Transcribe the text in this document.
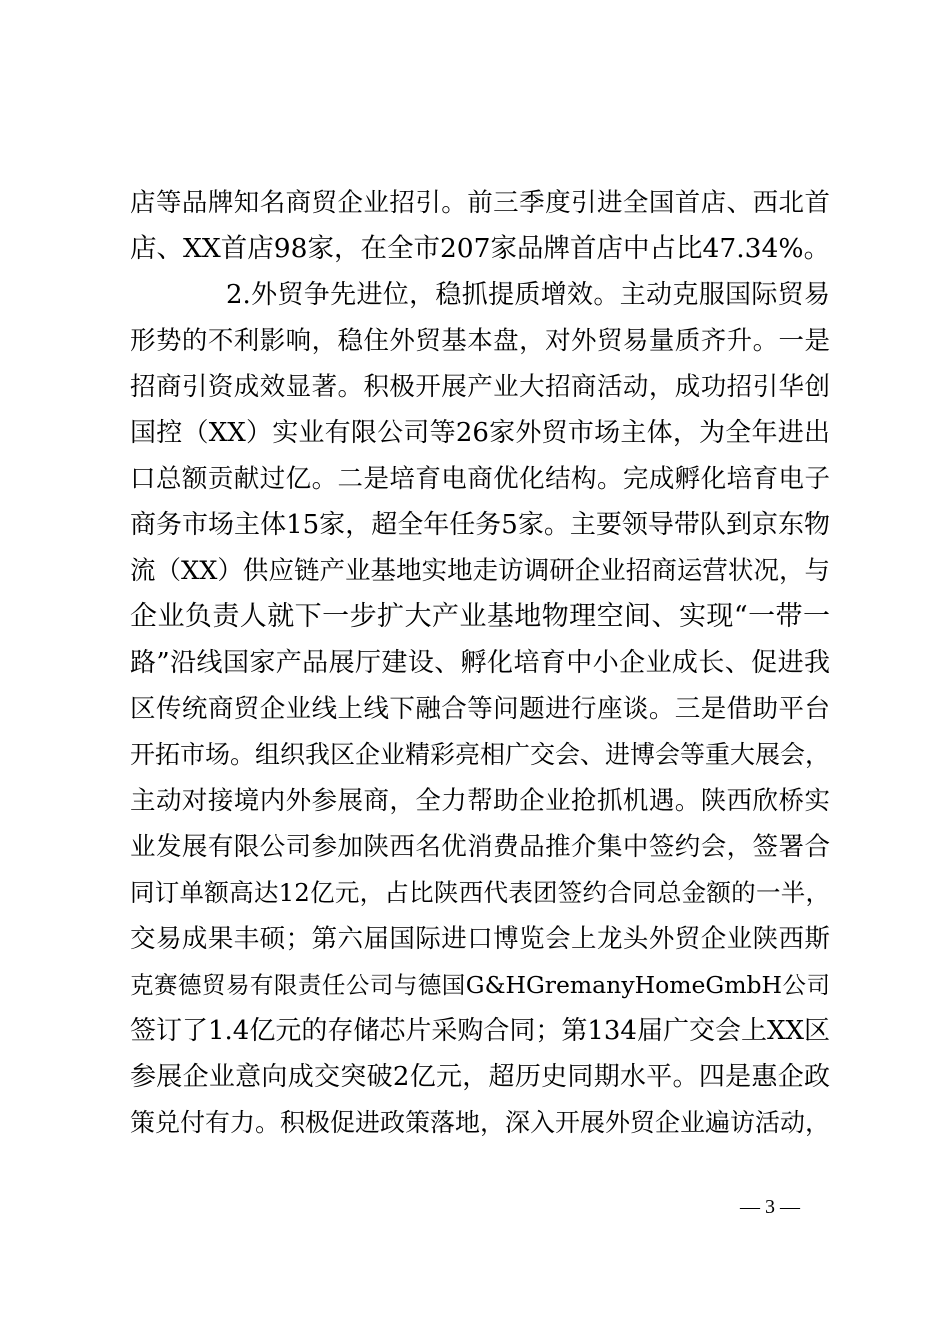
店等品牌知名商贸企业招引。前三季度引进全国首店、西北首
店、XX首店98家，在全市207家品牌首店中占比47.34%。
2.外贸争先进位，稳抓提质增效。主动克服国际贸易
形势的不利影响，稳住外贸基本盘，对外贸易量质齐升。一是
招商引资成效显著。积极开展产业大招商活动，成功招引华创
国控（XX）实业有限公司等26家外贸市场主体，为全年进出
口总额贡献过亿。二是培育电商优化结构。完成孵化培育电子
商务市场主体15家，超全年任务5家。主要领导带队到京东物
流（XX）供应链产业基地实地走访调研企业招商运营状况，与
企业负责人就下一步扩大产业基地物理空间、实现“一带一
路”沿线国家产品展厅建设、孵化培育中小企业成长、促进我
区传统商贸企业线上线下融合等问题进行座谈。三是借助平台
开拓市场。组织我区企业精彩亮相广交会、进博会等重大展会，
主动对接境内外参展商，全力帮助企业抢抓机遇。陕西欣桥实
业发展有限公司参加陕西名优消费品推介集中签约会，签署合
同订单额高达12亿元，占比陕西代表团签约合同总金额的一半，
交易成果丰硕；第六届国际进口博览会上龙头外贸企业陕西斯
克赛德贸易有限责任公司与德国G&HGremanyHomeGmbH公司
签订了1.4亿元的存储芯片采购合同；第134届广交会上XX区
参展企业意向成交突破2亿元，超历史同期水平。四是惠企政
策兑付有力。积极促进政策落地，深入开展外贸企业遍访活动，
— 3 —
